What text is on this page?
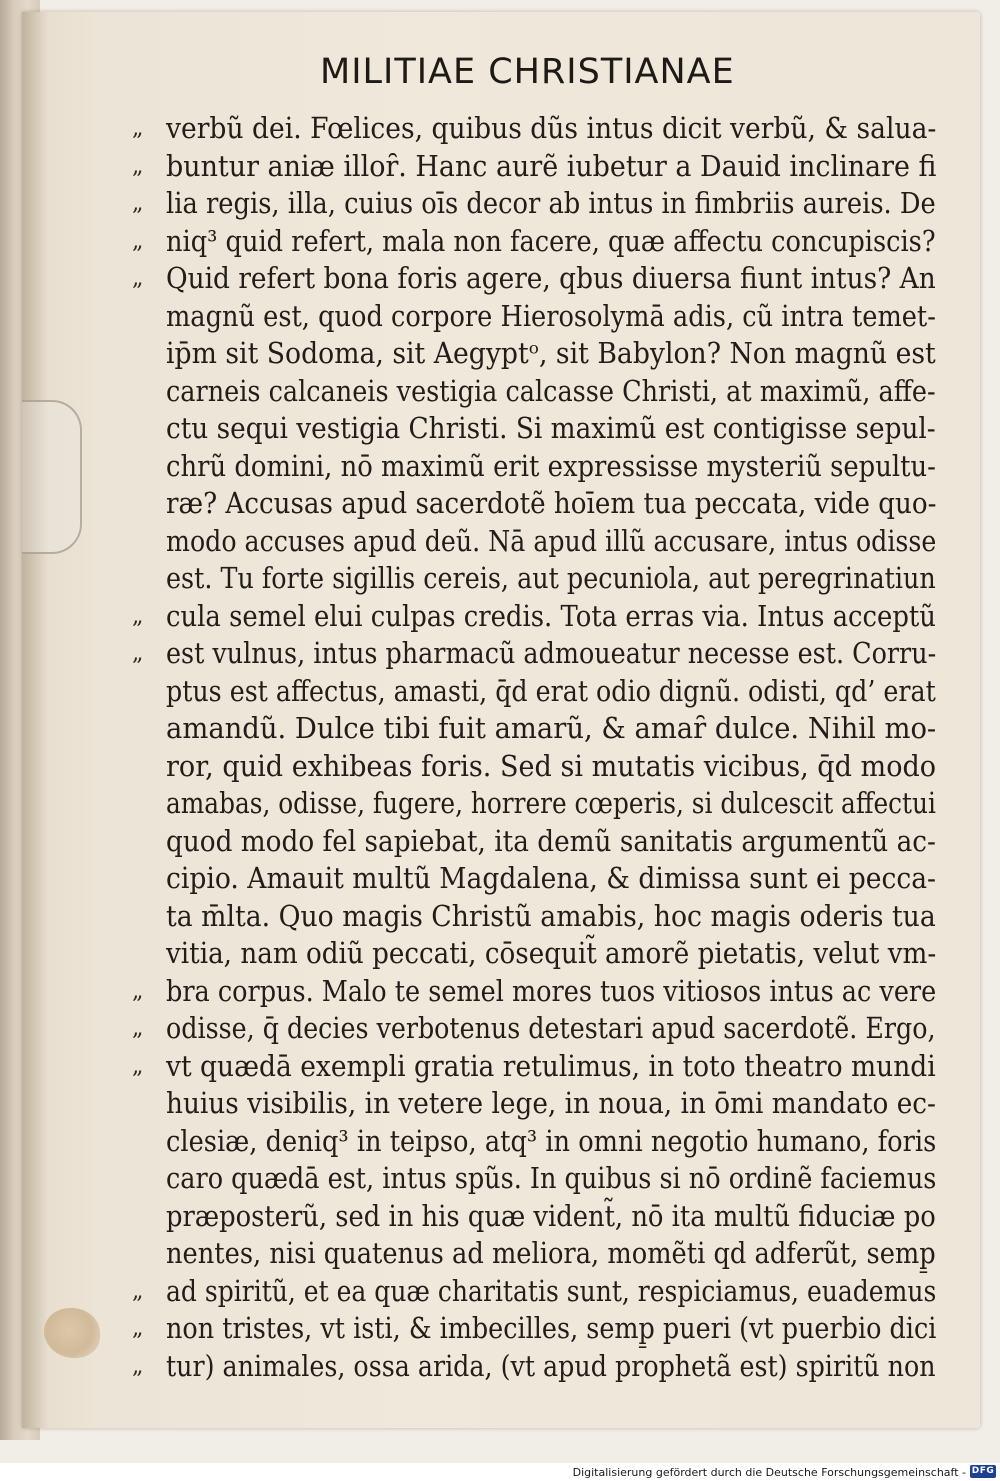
MILITIAE CHRISTIANAE
„ verbũ dei. Fœlices, quibus dũs intus dicit verbũ, & salua-
„ buntur aniæ illoȓ. Hanc aurẽ iubetur a Dauid inclinare fi
„ lia regis, illa, cuius oīs decor ab intus in fimbriis aureis. De
„ niq³ quid refert, mala non facere, quæ affectu concupiscis?
„ Quid refert bona foris agere, qbus diuersa fiunt intus? An
magnũ est, quod corpore Hierosolymā adis, cũ intra temet-
ip̄m sit Sodoma, sit Aegyptᵒ, sit Babylon? Non magnũ est
carneis calcaneis vestigia calcasse Christi, at maximũ, affe-
ctu sequi vestigia Christi. Si maximũ est contigisse sepul-
chrũ domini, nō maximũ erit expressisse mysteriũ sepultu-
ræ? Accusas apud sacerdotẽ hoīem tua peccata, vide quo-
modo accuses apud deũ. Nā apud illũ accusare, intus odisse
est. Tu forte sigillis cereis, aut pecuniola, aut peregrinatiun
„ cula semel elui culpas credis. Tota erras via. Intus acceptũ
„ est vulnus, intus pharmacũ admoueatur necesse est. Corru-
ptus est affectus, amasti, q̄d erat odio dignũ. odisti, qd’ erat
amandũ. Dulce tibi fuit amarũ, & amaȓ dulce. Nihil mo-
ror, quid exhibeas foris. Sed si mutatis vicibus, q̄d modo
amabas, odisse, fugere, horrere cœperis, si dulcescit affectui
quod modo fel sapiebat, ita demũ sanitatis argumentũ ac-
cipio. Amauit multũ Magdalena, & dimissa sunt ei pecca-
ta m̄lta. Quo magis Christũ amabis, hoc magis oderis tua
vitia, nam odiũ peccati, cōsequit̃ amorẽ pietatis, velut vm-
„ bra corpus. Malo te semel mores tuos vitiosos intus ac vere
„ odisse, q̄ decies verbotenus detestari apud sacerdotẽ. Ergo,
„ vt quædā exempli gratia retulimus, in toto theatro mundi
huius visibilis, in vetere lege, in noua, in ōmi mandato ec-
clesiæ, deniq³ in teipso, atq³ in omni negotio humano, foris
caro quædā est, intus spũs. In quibus si nō ordinẽ faciemus
præposterũ, sed in his quæ vident̃, nō ita multũ fiduciæ po
nentes, nisi quatenus ad meliora, momẽti qd adferũt, semp̱
„ ad spiritũ, et ea quæ charitatis sunt, respiciamus, euademus
„ non tristes, vt isti, & imbecilles, semp̱ pueri (vt puerbio dici
„ tur) animales, ossa arida, (vt apud prophetã est) spiritũ non
Digitalisierung gefördert durch die Deutsche Forschungsgemeinschaft - DFG
